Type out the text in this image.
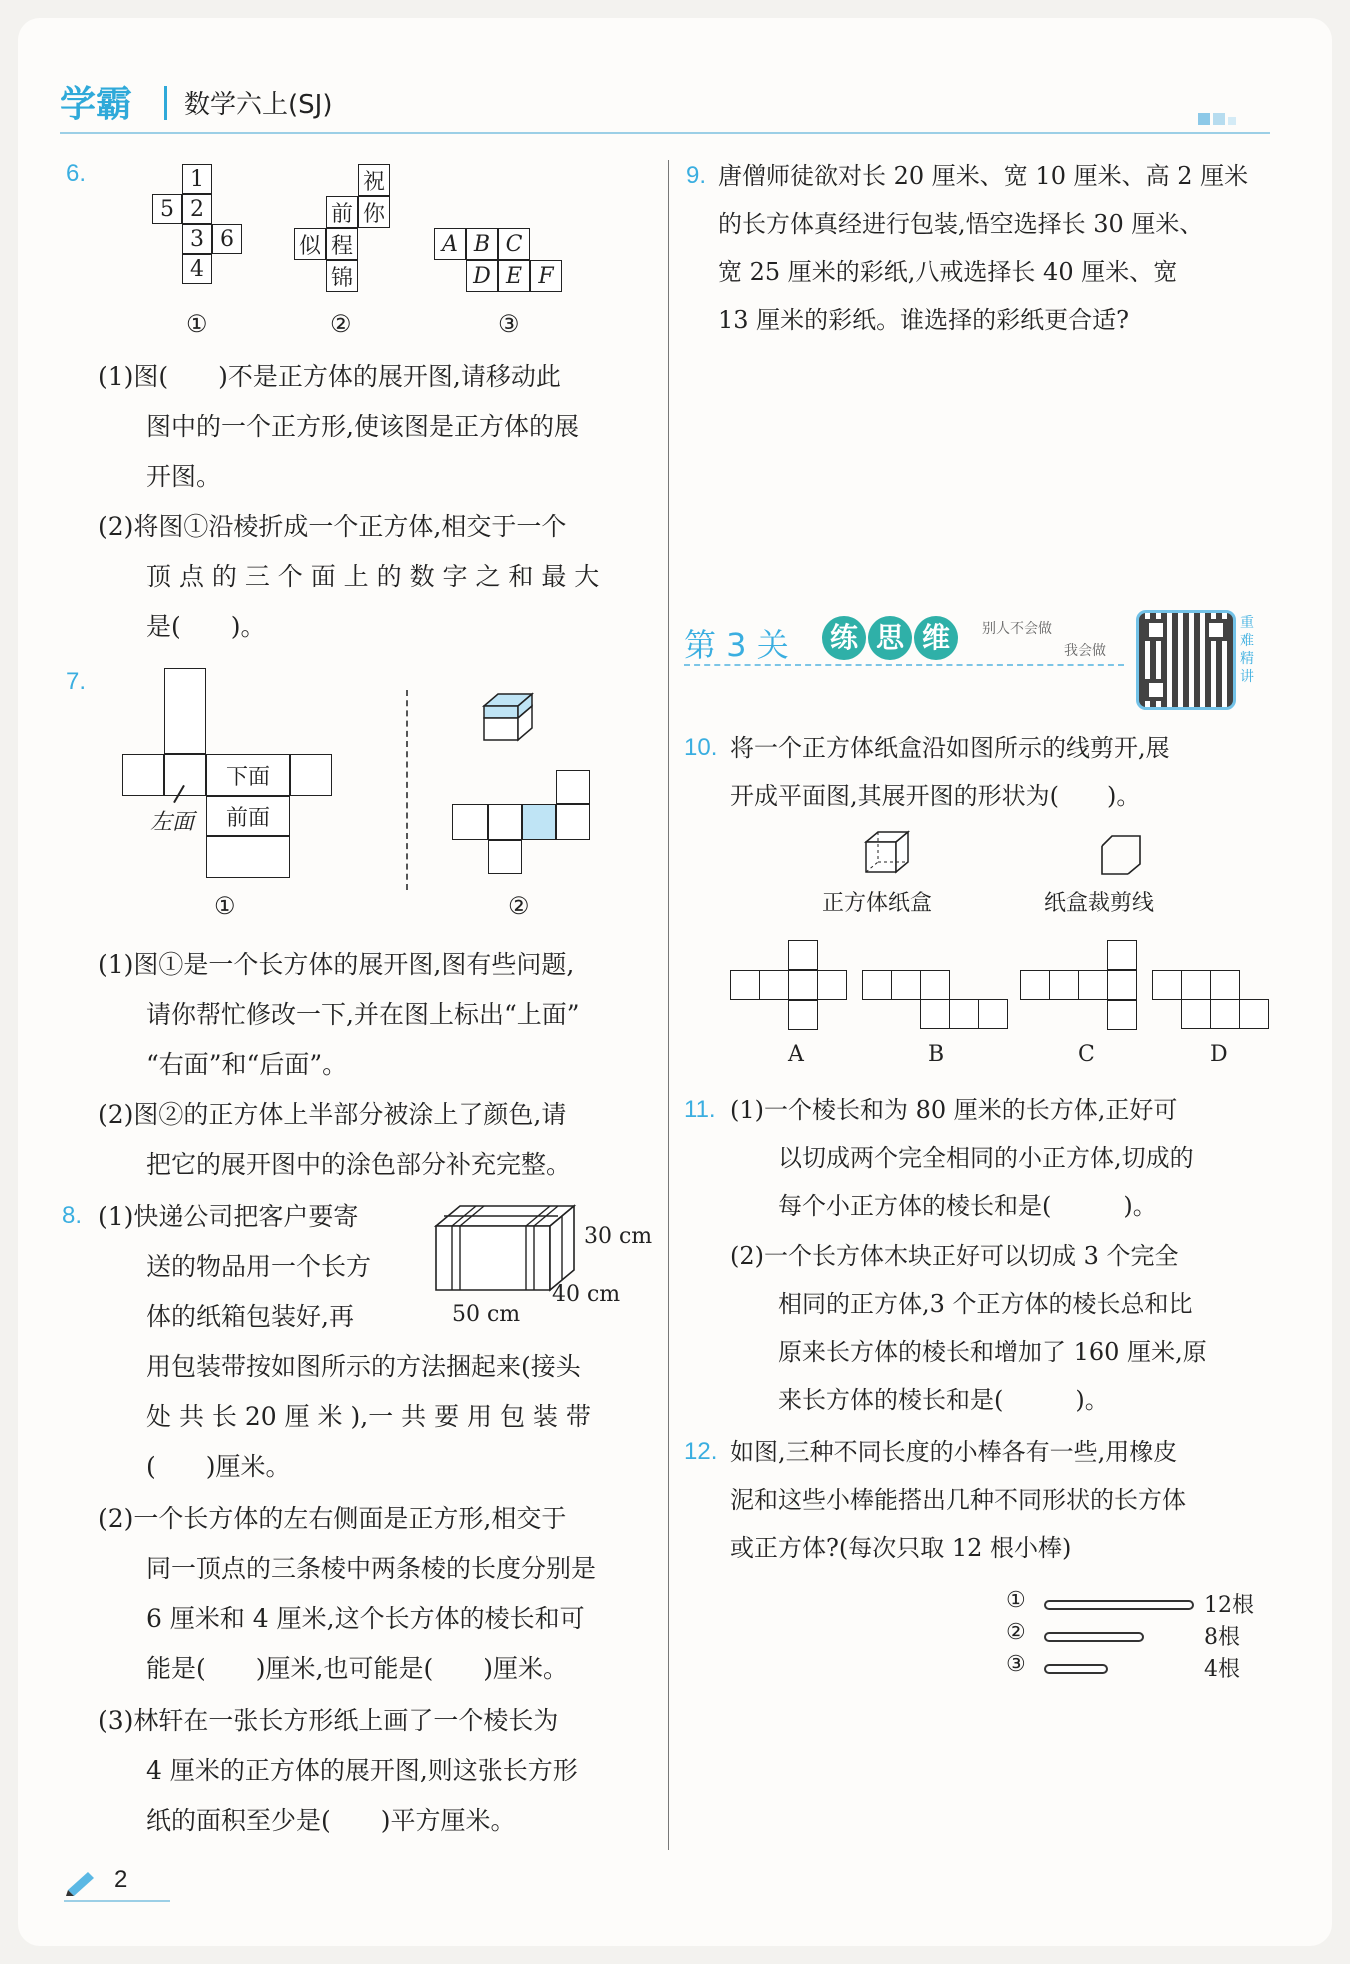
学霸 数学六上(SJ)
6.	1
5 2
3 6
4
祝
前 你
似 程
锦
A B C
D E F
①	②	③
(1)图(　　)不是正方体的展开图,请移动此
图中的一个正方形,使该图是正方体的展
开图。
(2)将图①沿棱折成一个正方体,相交于一个
顶 点 的 三 个 面 上 的 数 字 之 和 最 大
是(　　)。
7.
下面
前面
左面
①	②
(1)图①是一个长方体的展开图,图有些问题,
请你帮忙修改一下,并在图上标出“上面”
“右面”和“后面”。
(2)图②的正方体上半部分被涂上了颜色,请
把它的展开图中的涂色部分补充完整。
8. (1)快递公司把客户要寄
送的物品用一个长方
体的纸箱包装好,再
30 cm
40 cm
50 cm
用包装带按如图所示的方法捆起来(接头
处 共 长 20 厘 米 ),一 共 要 用 包 装 带
(　　)厘米。
(2)一个长方体的左右侧面是正方形,相交于
同一顶点的三条棱中两条棱的长度分别是
6 厘米和 4 厘米,这个长方体的棱长和可
能是(　　)厘米,也可能是(　　)厘米。
(3)林轩在一张长方形纸上画了一个棱长为
4 厘米的正方体的展开图,则这张长方形
纸的面积至少是(　　)平方厘米。
2
9. 唐僧师徒欲对长 20 厘米、宽 10 厘米、高 2 厘米
的长方体真经进行包装,悟空选择长 30 厘米、
宽 25 厘米的彩纸,八戒选择长 40 厘米、宽
13 厘米的彩纸。谁选择的彩纸更合适?
第 3 关 练 思 维	别人不会做
我会做
重
难
精
讲
10. 将一个正方体纸盒沿如图所示的线剪开,展
开成平面图,其展开图的形状为(　　)。
正方体纸盒	纸盒裁剪线
A	B	C	D
11. (1)一个棱长和为 80 厘米的长方体,正好可
以切成两个完全相同的小正方体,切成的
每个小正方体的棱长和是(　　　)。
(2)一个长方体木块正好可以切成 3 个完全
相同的正方体,3 个正方体的棱长总和比
原来长方体的棱长和增加了 160 厘米,原
来长方体的棱长和是(　　　)。
12. 如图,三种不同长度的小棒各有一些,用橡皮
泥和这些小棒能搭出几种不同形状的长方体
或正方体?(每次只取 12 根小棒)
①	12根
②	8根
③	4根
